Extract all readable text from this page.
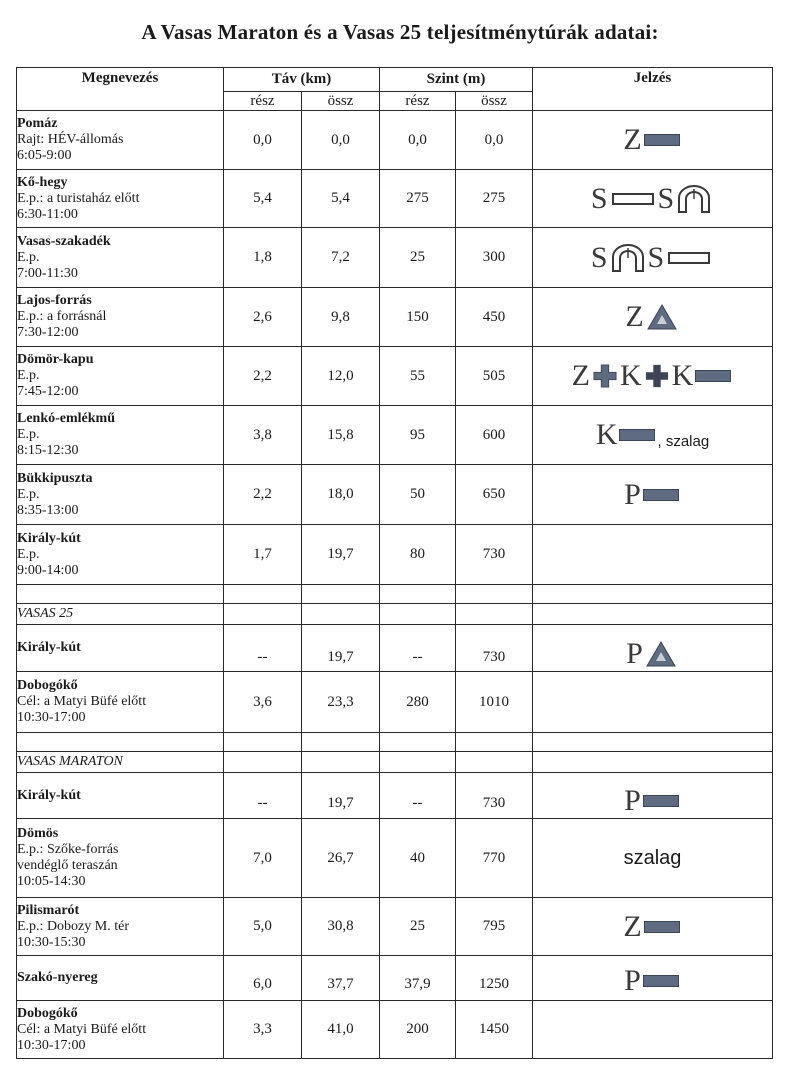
A Vasas Maraton és a Vasas 25 teljesítménytúrák adatai:
Megnevezés	Táv (km)		Szint (m)		Jelzés
	rész	össz	rész	össz	

Pomáz
Rajt: HÉV-állomás
6:05-9:00	0,0	0,0	0,0	0,0	Z

Kő-hegy
E.p.: a turistaház előtt
6:30-11:00	5,4	5,4	275	275	S S

Vasas-szakadék
E.p.
7:00-11:30	1,8	7,2	25	300	S S

Lajos-forrás
E.p.: a forrásnál
7:30-12:00	2,6	9,8	150	450	Z

Dömör-kapu
E.p.
7:45-12:00	2,2	12,0	55	505	Z K K

Lenkó-emlékmű
E.p.
8:15-12:30	3,8	15,8	95	600	K , szalag

Bükkipuszta
E.p.
8:35-13:00	2,2	18,0	50	650	P

Király-kút
E.p.
9:00-14:00	1,7	19,7	80	730	

VASAS 25					

Király-kút	--	19,7	--	730	P

Dobogókő
Cél: a Matyi Büfé előtt
10:30-17:00	3,6	23,3	280	1010	

VASAS MARATON					

Király-kút	--	19,7	--	730	P

Dömös
E.p.: Szőke-forrás
vendéglő teraszán
10:05-14:30	7,0	26,7	40	770	szalag

Pilismarót
E.p.: Dobozy M. tér
10:30-15:30	5,0	30,8	25	795	Z

Szakó-nyereg	6,0	37,7	37,9	1250	P

Dobogókő
Cél: a Matyi Büfé előtt
10:30-17:00	3,3	41,0	200	1450	
